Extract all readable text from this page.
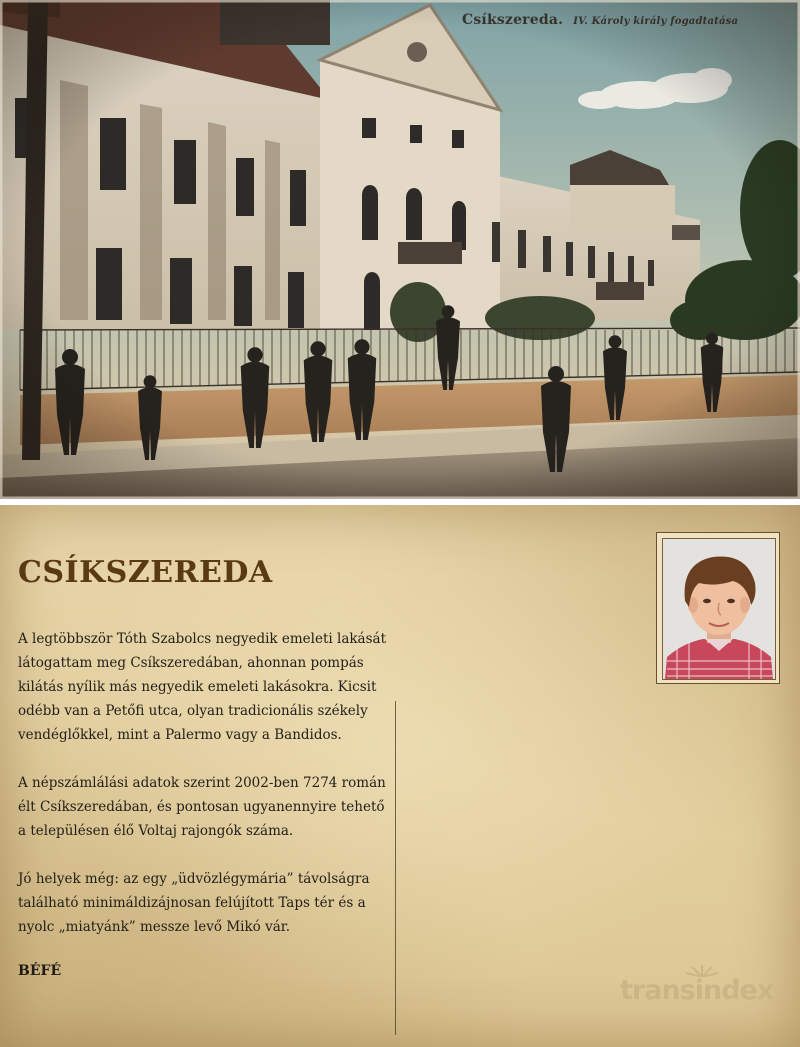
Csíkszereda. IV. Károly király fogadtatása
CSÍKSZEREDA

A legtöbbször Tóth Szabolcs negyedik emeleti lakását látogattam meg Csíkszeredában, ahonnan pompás kilátás nyílik más negyedik emeleti lakásokra. Kicsit odébb van a Petőfi utca, olyan tradicionális székely vendéglőkkel, mint a Palermo vagy a Bandidos.

A népszámlálási adatok szerint 2002-ben 7274 román élt Csíkszeredában, és pontosan ugyanennyire tehető a településen élő Voltaj rajongók száma.

Jó helyek még: az egy „üdvözlégymária” távolságra található minimáldizájnosan felújított Taps tér és a nyolc „miatyánk” messze levő Mikó vár.

BÉFÉ
transindex
